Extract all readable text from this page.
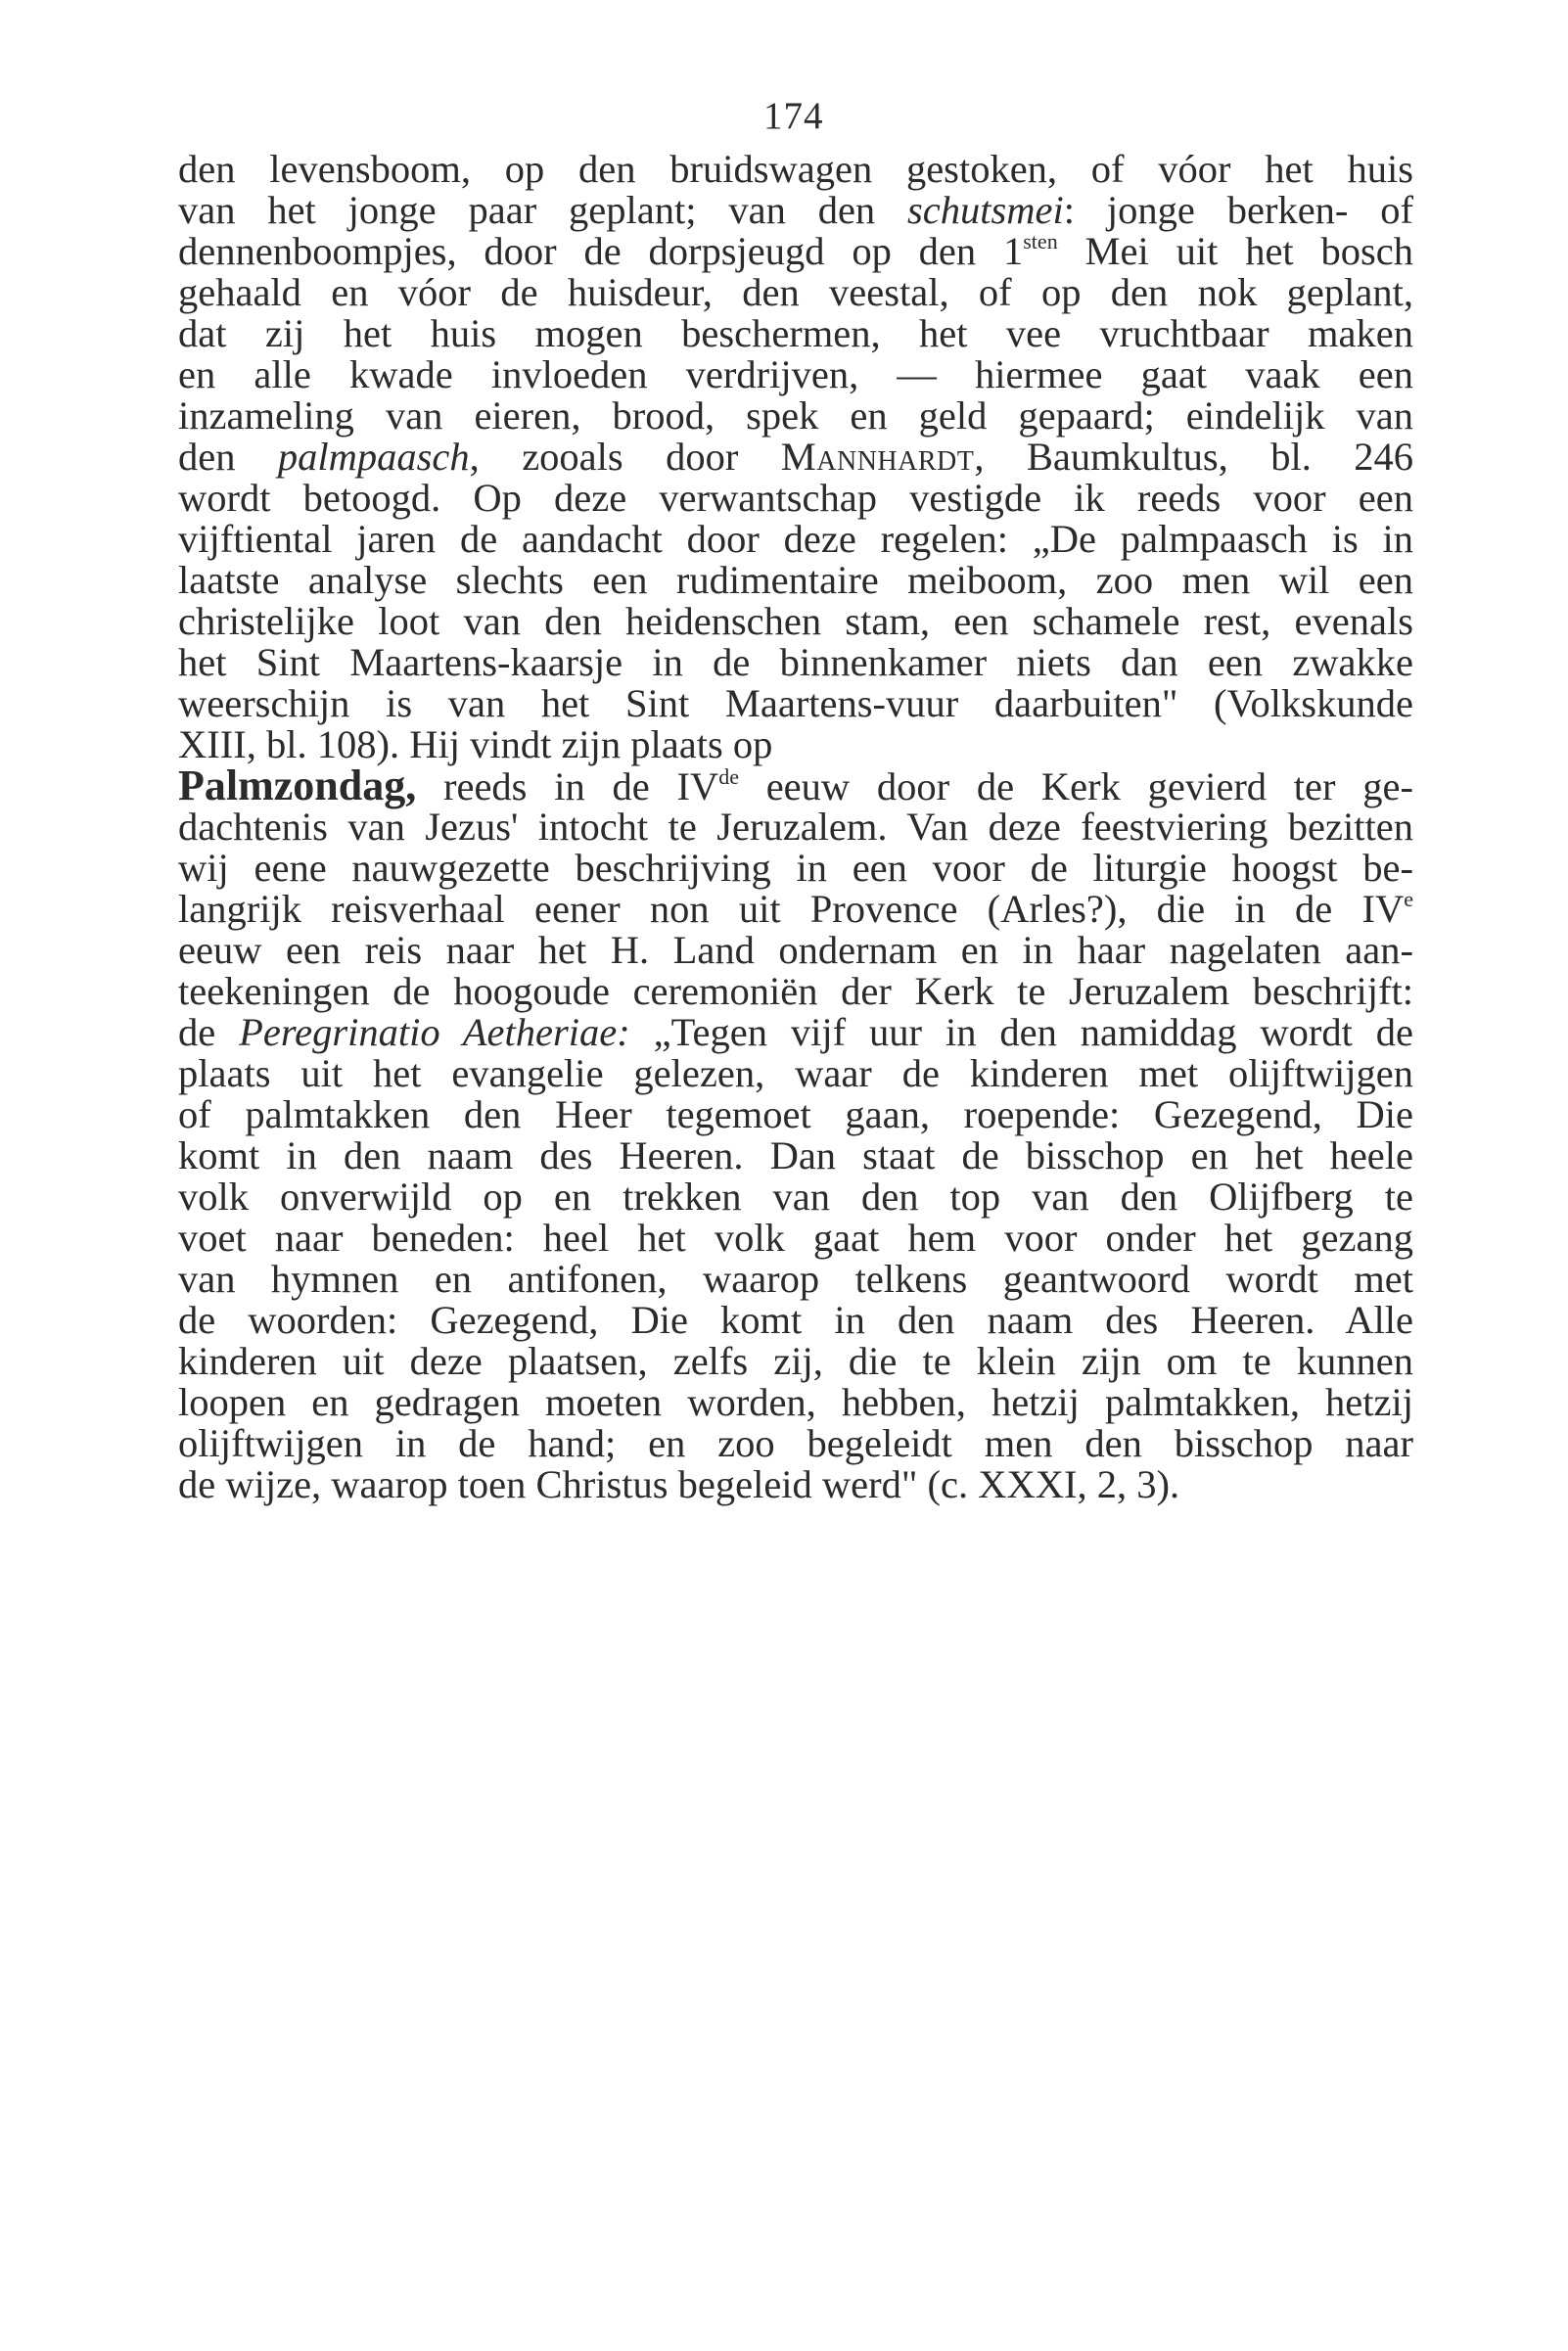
174
den levensboom, op den bruidswagen gestoken, of vóor het huis
van het jonge paar geplant; van den schutsmei: jonge berken- of
dennenboompjes, door de dorpsjeugd op den $1^{sten}$ Mei uit het bosch
gehaald en vóor de huisdeur, den veestal, of op den nok geplant,
dat zij het huis mogen beschermen, het vee vruchtbaar maken
en alle kwade invloeden verdrijven, — hiermee gaat vaak een
inzameling van eieren, brood, spek en geld gepaard; eindelijk van
den palmpaasch, zooals door Mannhardt, Baumkultus, bl. 246
wordt betoogd. Op deze verwantschap vestigde ik reeds voor een
vijftiental jaren de aandacht door deze regelen: „De palmpaasch is in
laatste analyse slechts een rudimentaire meiboom, zoo men wil een
christelijke loot van den heidenschen stam, een schamele rest, evenals
het Sint Maartens-kaarsje in de binnenkamer niets dan een zwakke
weerschijn is van het Sint Maartens-vuur daarbuiten" (Volkskunde
XIII, bl. 108). Hij vindt zijn plaats op
Palmzondag, reeds in de IVde eeuw door de Kerk gevierd ter ge-
dachtenis van Jezus' intocht te Jeruzalem. Van deze feestviering bezitten
wij eene nauwgezette beschrijving in een voor de liturgie hoogst be-
langrijk reisverhaal eener non uit Provence (Arles?), die in de IVe
eeuw een reis naar het H. Land ondernam en in haar nagelaten aan-
teekeningen de hoogoude ceremoniën der Kerk te Jeruzalem beschrijft:
de Peregrinatio Aetheriae: „Tegen vijf uur in den namiddag wordt de
plaats uit het evangelie gelezen, waar de kinderen met olijftwijgen
of palmtakken den Heer tegemoet gaan, roepende: Gezegend, Die
komt in den naam des Heeren. Dan staat de bisschop en het heele
volk onverwijld op en trekken van den top van den Olijfberg te
voet naar beneden: heel het volk gaat hem voor onder het gezang
van hymnen en antifonen, waarop telkens geantwoord wordt met
de woorden: Gezegend, Die komt in den naam des Heeren. Alle
kinderen uit deze plaatsen, zelfs zij, die te klein zijn om te kunnen
loopen en gedragen moeten worden, hebben, hetzij palmtakken, hetzij
olijftwijgen in de hand; en zoo begeleidt men den bisschop naar
de wijze, waarop toen Christus begeleid werd" (c. XXXI, 2, 3).
